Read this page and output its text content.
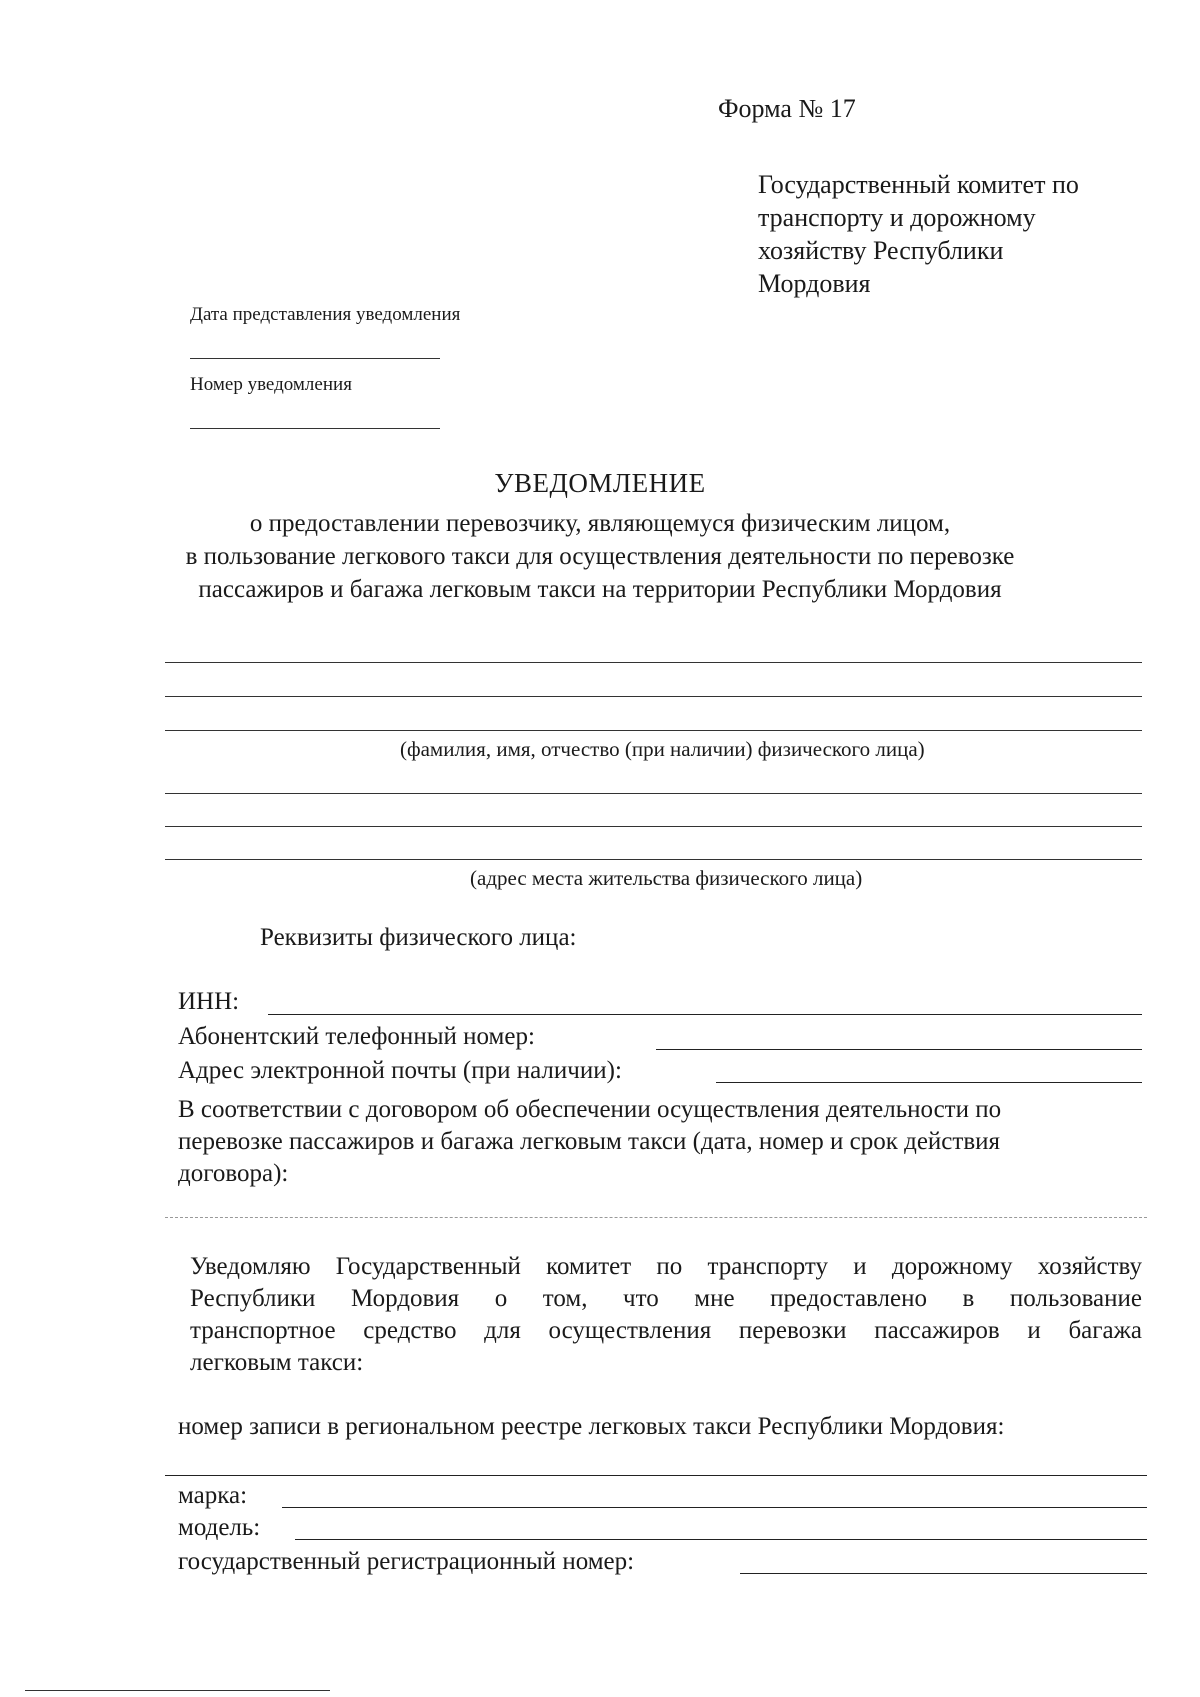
Форма № 17
Государственный комитет по
транспорту и дорожному
хозяйству Республики
Мордовия
Дата представления уведомления
Номер уведомления
УВЕДОМЛЕНИЕ
о предоставлении перевозчику, являющемуся физическим лицом,
в пользование легкового такси для осуществления деятельности по перевозке
пассажиров и багажа легковым такси на территории Республики Мордовия
(фамилия, имя, отчество (при наличии) физического лица)
(адрес места жительства физического лица)
Реквизиты физического лица:
ИНН:
Абонентский телефонный номер:
Адрес электронной почты (при наличии):
В соответствии с договором об обеспечении осуществления деятельности по
перевозке пассажиров и багажа легковым такси (дата, номер и срок действия
договора):

Уведомляю Государственный комитет по транспорту и дорожному хозяйству

Республики Мордовия о том, что мне предоставлено в пользование

транспортное средство для осуществления перевозки пассажиров и багажа

легковым такси:

номер записи в региональном реестре легковых такси Республики Мордовия:
марка:
модель:
государственный регистрационный номер:
